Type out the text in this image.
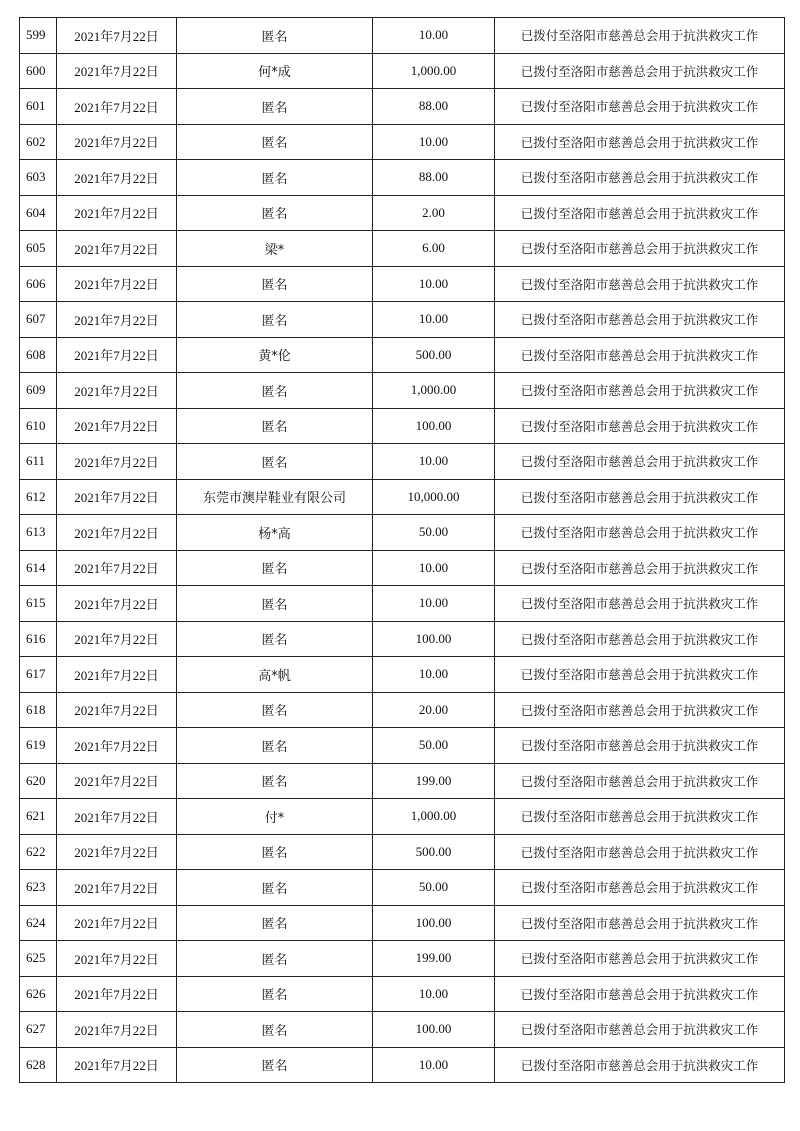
599	2021年7月22日	匿名	10.00	已拨付至洛阳市慈善总会用于抗洪救灾工作
600	2021年7月22日	何*成	1,000.00	已拨付至洛阳市慈善总会用于抗洪救灾工作
601	2021年7月22日	匿名	88.00	已拨付至洛阳市慈善总会用于抗洪救灾工作
602	2021年7月22日	匿名	10.00	已拨付至洛阳市慈善总会用于抗洪救灾工作
603	2021年7月22日	匿名	88.00	已拨付至洛阳市慈善总会用于抗洪救灾工作
604	2021年7月22日	匿名	2.00	已拨付至洛阳市慈善总会用于抗洪救灾工作
605	2021年7月22日	梁*	6.00	已拨付至洛阳市慈善总会用于抗洪救灾工作
606	2021年7月22日	匿名	10.00	已拨付至洛阳市慈善总会用于抗洪救灾工作
607	2021年7月22日	匿名	10.00	已拨付至洛阳市慈善总会用于抗洪救灾工作
608	2021年7月22日	黄*伦	500.00	已拨付至洛阳市慈善总会用于抗洪救灾工作
609	2021年7月22日	匿名	1,000.00	已拨付至洛阳市慈善总会用于抗洪救灾工作
610	2021年7月22日	匿名	100.00	已拨付至洛阳市慈善总会用于抗洪救灾工作
611	2021年7月22日	匿名	10.00	已拨付至洛阳市慈善总会用于抗洪救灾工作
612	2021年7月22日	东莞市澳岸鞋业有限公司	10,000.00	已拨付至洛阳市慈善总会用于抗洪救灾工作
613	2021年7月22日	杨*高	50.00	已拨付至洛阳市慈善总会用于抗洪救灾工作
614	2021年7月22日	匿名	10.00	已拨付至洛阳市慈善总会用于抗洪救灾工作
615	2021年7月22日	匿名	10.00	已拨付至洛阳市慈善总会用于抗洪救灾工作
616	2021年7月22日	匿名	100.00	已拨付至洛阳市慈善总会用于抗洪救灾工作
617	2021年7月22日	高*帆	10.00	已拨付至洛阳市慈善总会用于抗洪救灾工作
618	2021年7月22日	匿名	20.00	已拨付至洛阳市慈善总会用于抗洪救灾工作
619	2021年7月22日	匿名	50.00	已拨付至洛阳市慈善总会用于抗洪救灾工作
620	2021年7月22日	匿名	199.00	已拨付至洛阳市慈善总会用于抗洪救灾工作
621	2021年7月22日	付*	1,000.00	已拨付至洛阳市慈善总会用于抗洪救灾工作
622	2021年7月22日	匿名	500.00	已拨付至洛阳市慈善总会用于抗洪救灾工作
623	2021年7月22日	匿名	50.00	已拨付至洛阳市慈善总会用于抗洪救灾工作
624	2021年7月22日	匿名	100.00	已拨付至洛阳市慈善总会用于抗洪救灾工作
625	2021年7月22日	匿名	199.00	已拨付至洛阳市慈善总会用于抗洪救灾工作
626	2021年7月22日	匿名	10.00	已拨付至洛阳市慈善总会用于抗洪救灾工作
627	2021年7月22日	匿名	100.00	已拨付至洛阳市慈善总会用于抗洪救灾工作
628	2021年7月22日	匿名	10.00	已拨付至洛阳市慈善总会用于抗洪救灾工作
